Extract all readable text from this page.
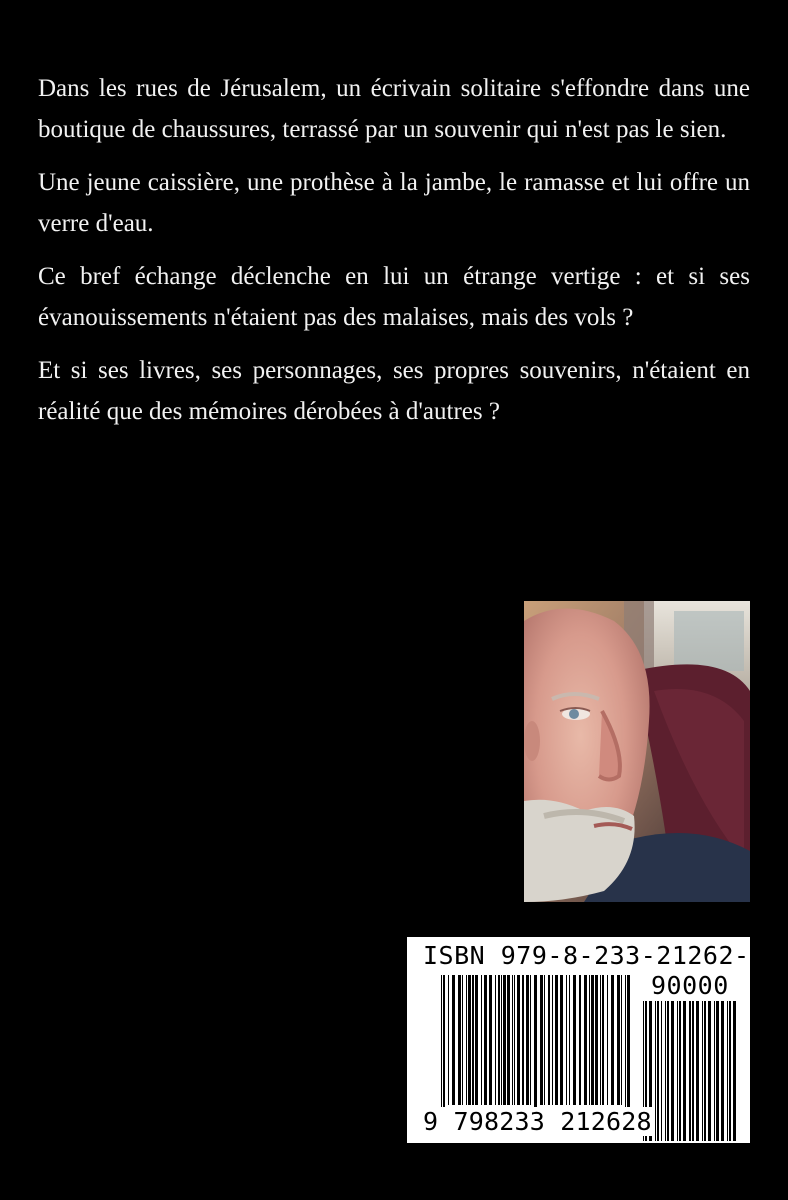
Dans les rues de Jérusalem, un écrivain solitaire s'effondre dans une boutique de chaussures, terrassé par un souvenir qui n'est pas le sien.

Une jeune caissière, une prothèse à la jambe, le ramasse et lui offre un verre d'eau.

Ce bref échange déclenche en lui un étrange vertige : et si ses évanouissements n'étaient pas des malaises, mais des vols ?

Et si ses livres, ses personnages, ses propres souvenirs, n'étaient en réalité que des mémoires dérobées à d'autres ?

ISBN 979-8-233-21262-8
90000
9 798233 212628
